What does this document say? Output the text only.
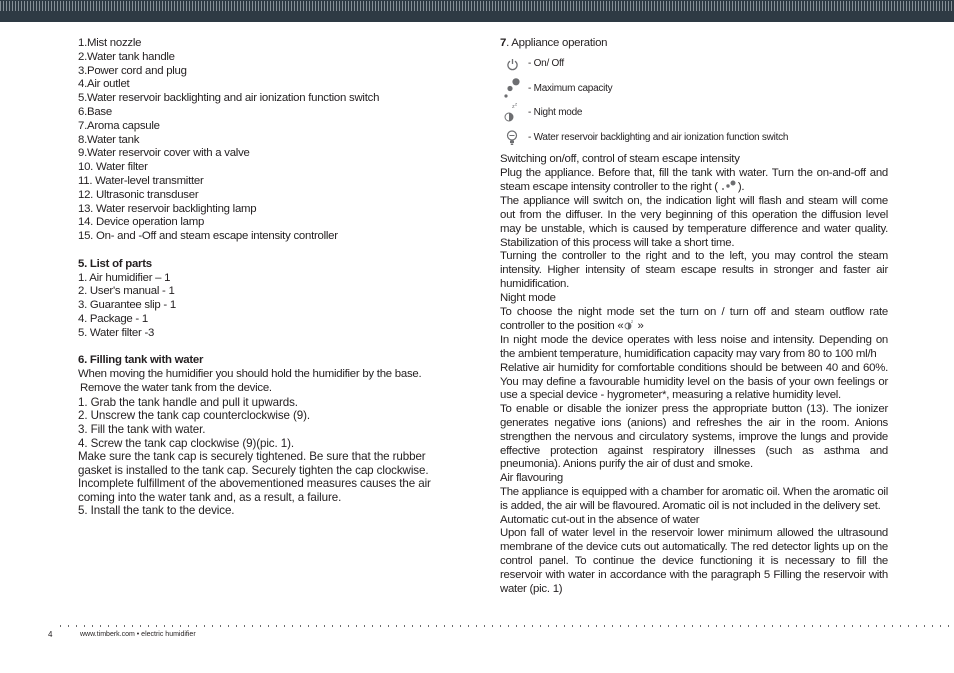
1.Mist nozzle
2.Water tank handle
3.Power cord and plug
4.Air outlet
5.Water reservoir backlighting and air ionization function switch
6.Base
7.Aroma capsule
8.Water tank
9.Water reservoir cover with a valve
10. Water filter
11. Water-level transmitter
12. Ultrasonic transduser
13. Water reservoir backlighting lamp
14. Device operation lamp
15. On- and -Off and steam escape intensity controller
5. List of parts
1. Air humidifier – 1
2. User's manual - 1
3. Guarantee slip - 1
4. Package - 1
5. Water filter -3
6. Filling tank with water
When moving the humidifier you should hold the humidifier by the base.
Remove the water tank from the device.
1. Grab the tank handle and pull it upwards.
2. Unscrew the tank cap counterclockwise (9).
3. Fill the tank with water.
4. Screw the tank cap clockwise (9)(pic. 1).

Make sure the tank cap is securely tightened. Be sure that the rubber gasket is installed to the tank cap. Securely tighten the cap clockwise. Incomplete fulfillment of the abovementioned measures causes the air coming into the water tank and, as a result, a failure.

5. Install the tank to the device.
7 . Appliance operation
- On/ Off
- Maximum capacity
z z
- Night mode
- Water reservoir backlighting and air ionization function switch
Switching on/off, control of steam escape intensity

Plug the appliance. Before that, fill the tank with water. Turn the on-and-off and steam escape intensity controller to the right ( ).

The appliance will switch on, the indication light will flash and steam will come out from the diffuser. In the very beginning of this operation the diffusion level may be unstable, which is caused by temperature difference and water quality. Stabilization of this process will take a short time.

Turning the controller to the right and to the left, you may control the steam intensity. Higher intensity of steam escape results in stronger and faster air humidification.

Night mode

To choose the night mode set the turn on / turn off and steam outflow rate controller to the position « z »

In night mode the device operates with less noise and intensity. Depending on the ambient temperature, humidification capacity may vary from 80 to 100 ml/h

Relative air humidity for comfortable conditions should be between 40 and 60%. You may define a favourable humidity level on the basis of your own feelings or use a special device - hygrometer*, measuring a relative humidity level.

To enable or disable the ionizer press the appropriate button (13). The ionizer generates negative ions (anions) and refreshes the air in the room. Anions strengthen the nervous and circulatory systems, improve the lungs and provide effective protection against respiratory illnesses (such as asthma and pneumonia). Anions purify the air of dust and smoke.

Air flavouring

The appliance is equipped with a chamber for aromatic oil. When the aromatic oil is added, the air will be flavoured. Aromatic oil is not included in the delivery set.

Automatic cut-out in the absence of water

Upon fall of water level in the reservoir lower minimum allowed the ultrasound membrane of the device cuts out automatically. The red detector lights up on the control panel. To continue the device functioning it is necessary to fill the reservoir with water in accordance with the paragraph 5 Filling the reservoir with water (pic. 1)

4	www.timberk.com • electric humidifier
